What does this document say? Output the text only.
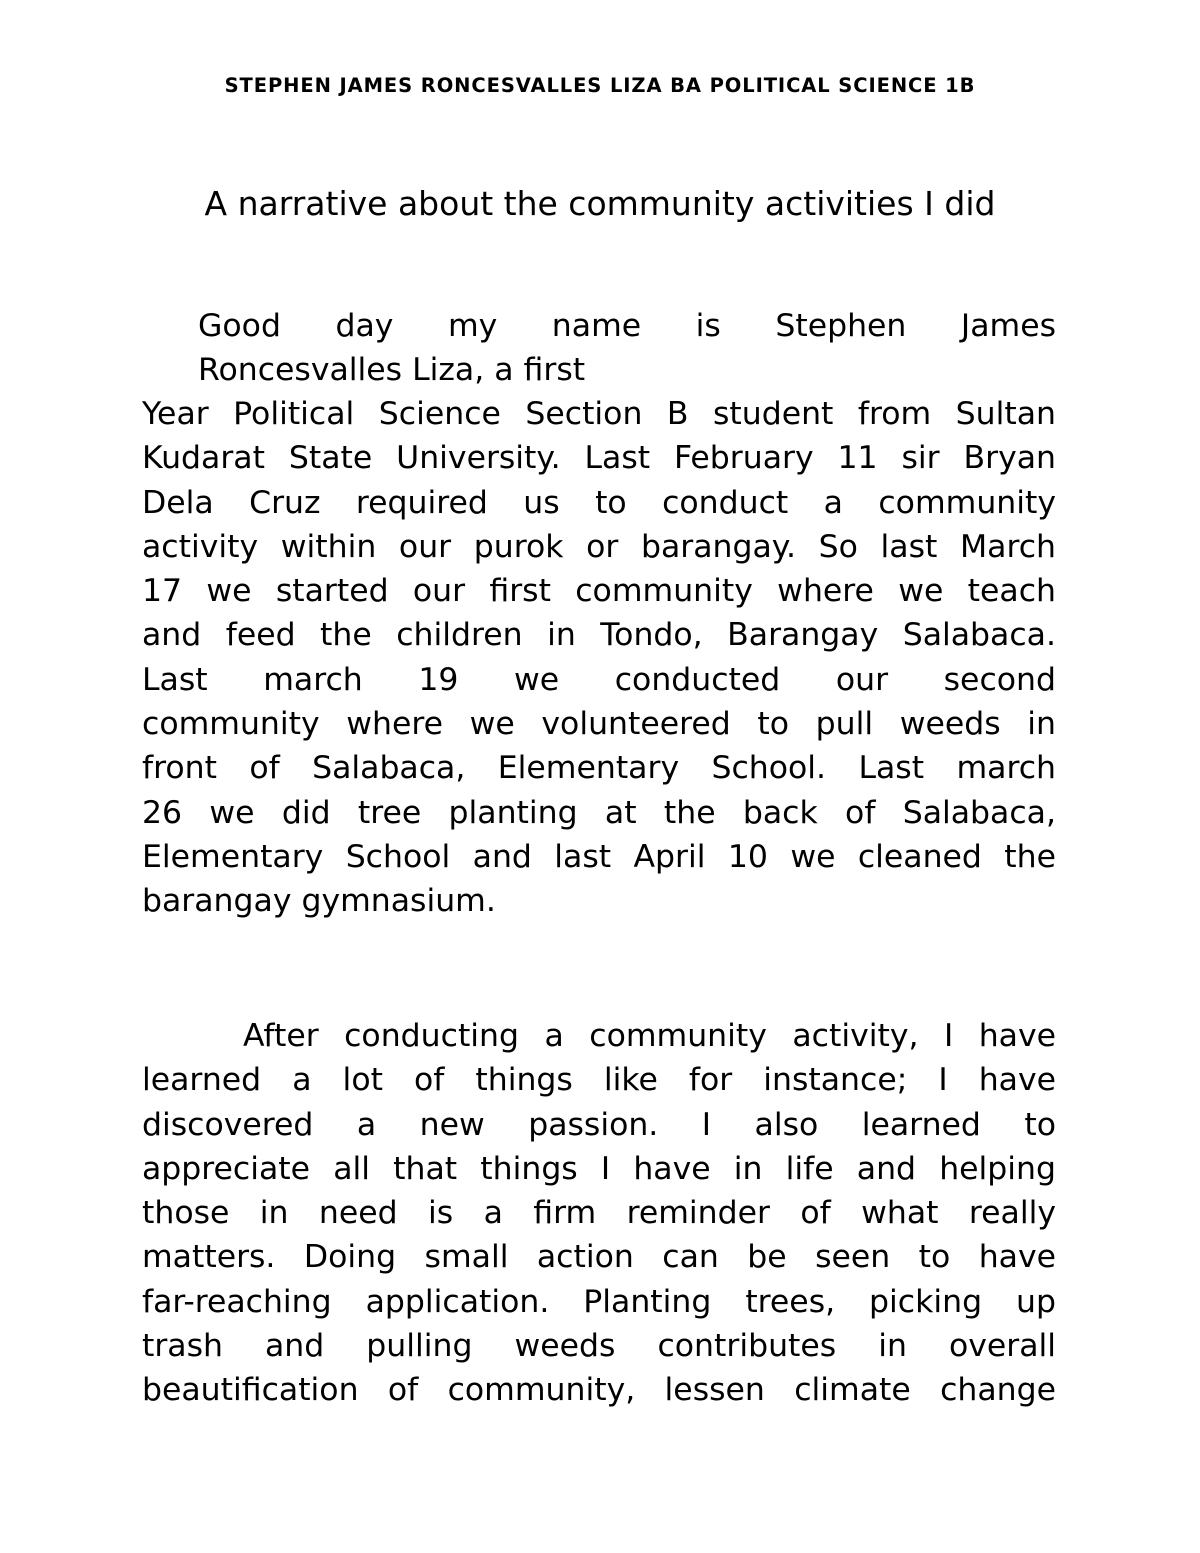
STEPHEN JAMES RONCESVALLES LIZA BA POLITICAL SCIENCE 1B
A narrative about the community activities I did
Good day my name is Stephen James
Roncesvalles Liza, a first
Year Political Science Section B student from Sultan
Kudarat State University. Last February 11 sir Bryan
Dela Cruz required us to conduct a community
activity within our purok or barangay. So last March
17 we started our first community where we teach
and feed the children in Tondo, Barangay Salabaca.
Last march 19 we conducted our second
community where we volunteered to pull weeds in
front of Salabaca, Elementary School. Last march
26 we did tree planting at the back of Salabaca,
Elementary School and last April 10 we cleaned the
barangay gymnasium.
After conducting a community activity, I have
learned a lot of things like for instance; I have
discovered a new passion. I also learned to
appreciate all that things I have in life and helping
those in need is a firm reminder of what really
matters. Doing small action can be seen to have
far-reaching application. Planting trees, picking up
trash and pulling weeds contributes in overall
beautification of community, lessen climate change
